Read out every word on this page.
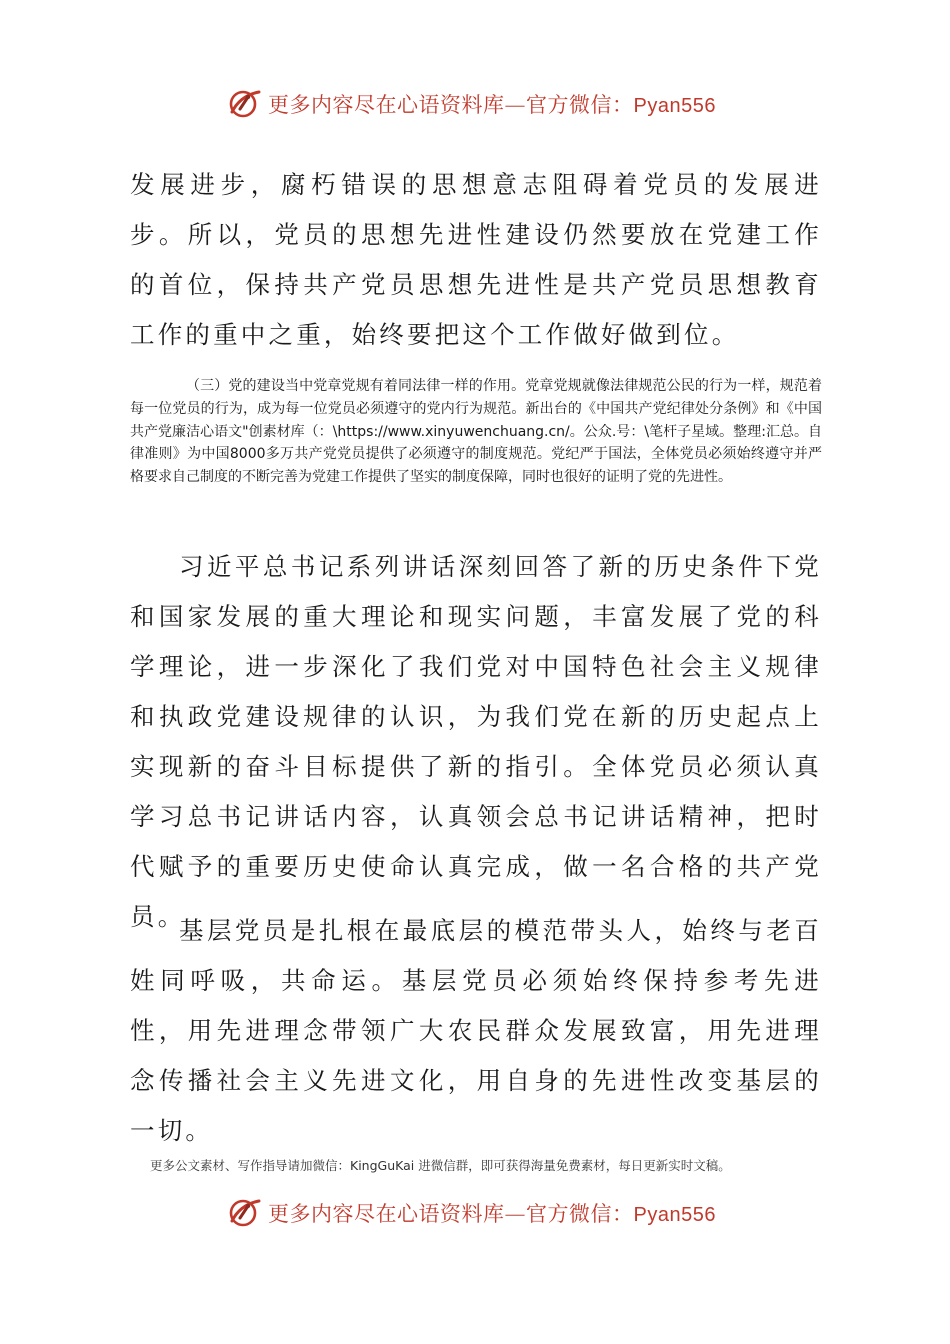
更多内容尽在心语资料库—官方微信：Pyan556
发展进步，腐朽错误的思想意志阻碍着党员的发展进步。所以，党员的思想先进性建设仍然要放在党建工作的首位，保持共产党员思想先进性是共产党员思想教育工作的重中之重，始终要把这个工作做好做到位。
（三）党的建设当中党章党规有着同法律一样的作用。党章党规就像法律规范公民的行为一样，规范着每一位党员的行为，成为每一位党员必须遵守的党内行为规范。新出台的《中国共产党纪律处分条例》和《中国共产党廉洁心语文"创素材库（：\https://www.xinyuwenchuang.cn/。公众.号：\笔杆子星域。整理:汇总。自律准则》为中国8000多万共产党党员提供了必须遵守的制度规范。党纪严于国法，全体党员必须始终遵守并严格要求自己制度的不断完善为党建工作提供了坚实的制度保障，同时也很好的证明了党的先进性。
习近平总书记系列讲话深刻回答了新的历史条件下党和国家发展的重大理论和现实问题，丰富发展了党的科学理论，进一步深化了我们党对中国特色社会主义规律和执政党建设规律的认识，为我们党在新的历史起点上实现新的奋斗目标提供了新的指引。全体党员必须认真学习总书记讲话内容，认真领会总书记讲话精神，把时代赋予的重要历史使命认真完成，做一名合格的共产党员。
基层党员是扎根在最底层的模范带头人，始终与老百姓同呼吸，共命运。基层党员必须始终保持参考先进性，用先进理念带领广大农民群众发展致富，用先进理念传播社会主义先进文化，用自身的先进性改变基层的一切。
更多公文素材、写作指导请加微信：KingGuKai 进微信群，即可获得海量免费素材，每日更新实时文稿。
更多内容尽在心语资料库—官方微信：Pyan556
